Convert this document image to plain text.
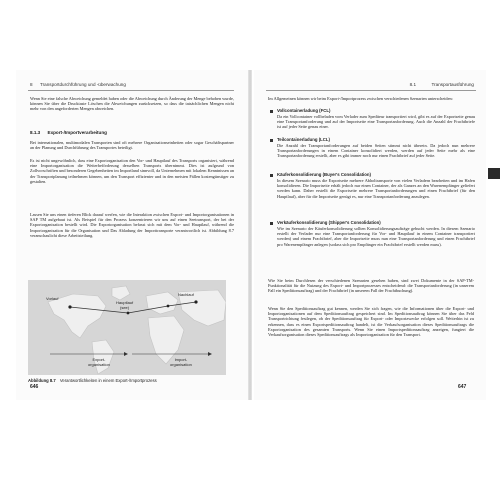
8 Transportdurchführung und -überwachung
Wenn Sie eine falsche Abweichung gemeldet haben oder die Abweichung durch Änderung der Menge behoben wurde, können Sie über die Drucktaste Löschen die Abweichungen zurücksetzen, so dass die tatsächlichen Mengen nicht mehr von den angeforderten Mengen abweichen.
8.1.3 Export-/Importverarbeitung
Bei internationalen, multimodalen Transporten sind oft mehrere Organisationseinheiten oder sogar Geschäftspartner an der Planung und Durchführung des Transportes beteiligt.
Es ist nicht ungewöhnlich, dass eine Exportorganisation den Vor- und Hauptlauf des Transports organisiert, während eine Importorganisation die Weiterbeförderung desselben Transports übernimmt. Dies ist aufgrund von Zollvorschriften und besonderen Gegebenheiten im Importland sinnvoll, da Unternehmen mit lokalem Kenntnissen an der Transportplanung teilnehmen können, um den Transport effizienter und in den meisten Fällen kostengünstiger zu gestalten.
Lassen Sie uns einen tieferen Blick darauf werfen, wie die Interaktion zwischen Export- und Importorganisationen in SAP TM aufgebaut ist. Als Beispiel für den Prozess konzentrieren wir uns auf einen Seetransport, der bei der Exportorganisation bestellt wird. Die Exportorganisation befasst sich mit dem Vor- und Hauptlauf, während die Importorganisation für die Organisation und Das Abladung der Importtransporte verantwortlich ist. Abbildung 8.7 veranschaulicht diese Arbeitsteilung.
Vorlauf
Hauptlauf
(see)
Nachlauf
Export-
organisation
Import-
organisation
Abbildung 8.7 Verantwortlichkeiten in einem Export-/Importprozess
646
8.1	Transportausführung
Im Allgemeinen können wir beim Export-/Importprozess zwischen verschiedenen Szenarien unterscheiden:
Vollcontainerladung (FCL)
Da ein Vollcontainer vollbeladen vom Verlader zum Spediteur transportiert wird, gibt es auf der Exportseite genau eine Transportanforderung und auf der Importseite eine Transportanforderung. Auch die Anzahl der Frachtbriefe ist auf jeder Seite genau einer.
Teilcontainerladung (LCL)
Die Anzahl der Transportanforderungen auf beiden Seiten stimmt nicht überein. Da jedoch nun mehrere Transportanforderungen in einem Container konsolidiert werden, werden auf jeder Seite mehr als eine Transportanforderung erstellt, aber es gibt immer noch nur einen Frachtbrief auf jeder Seite.
Käuferkonsolidierung (Buyer's Consolidation)
In diesem Szenario muss die Exportseite mehrere Abholtransporte von vielen Verladern bearbeiten und im Hafen konsolidieren. Die Importseite erhält jedoch nur einen Container, der als Ganzes an den Warenempfänger geliefert werden kann. Daher erstellt die Exportseite mehrere Transportanforderungen und einen Frachtbrief (für den Hauptlauf), aber für die Importseite genügt es, nur eine Transportanforderung anzulegen.
Verkäuferkonsolidierung (Shipper's Consolidation)
Wie im Szenario der Käuferkonsolidierung sollten Konsolidierungsaufträge gebucht werden. In diesem Szenario erstellt der Verlader nur eine Transportanforderung für Vor- und Hauptlauf in einem Container transportiert werden) und einem Frachtbrief, aber die Importseite muss nun eine Transportanforderung und einen Frachtbrief pro Warenempfänger anlegen (sodass sich pro Empfänger ein Frachtbrief erstellt werden muss).
Wie Sie beim Durchlesen der verschiedenen Szenarien gesehen haben, sind zwei Dokumente in der SAP-TM-Funktionalität für die Nutzung des Export- und Importprozesses entscheidend: die Transportanforderung (in unserem Fall ein Speditionsauftrag) und der Frachtbrief (in unserem Fall der Frachtbuchung).
Wenn Sie den Speditionsauftrag gut kennen, werden Sie sich fragen, wie die Informationen über die Export- und Importorganisationen auf dem Speditionsauftrag gespeichert sind. Im Speditionsauftrag können Sie über das Feld Transportrichtung festlegen, ob der Speditionsauftrag für Export- oder Importzwecke erfolgen soll. Weiterhin ist zu erkennen, dass es einen Exportspeditionsauftrag handelt, ist die Verkaufsorganisation dieses Speditionsauftrags die Exportorganisation des gesamten Transports. Wenn Sie einen Importspeditionsauftrag anzeigen, fungiert die Verkaufsorganisation dieses Speditionsauftrags als Importorganisation für den Transport.
647
